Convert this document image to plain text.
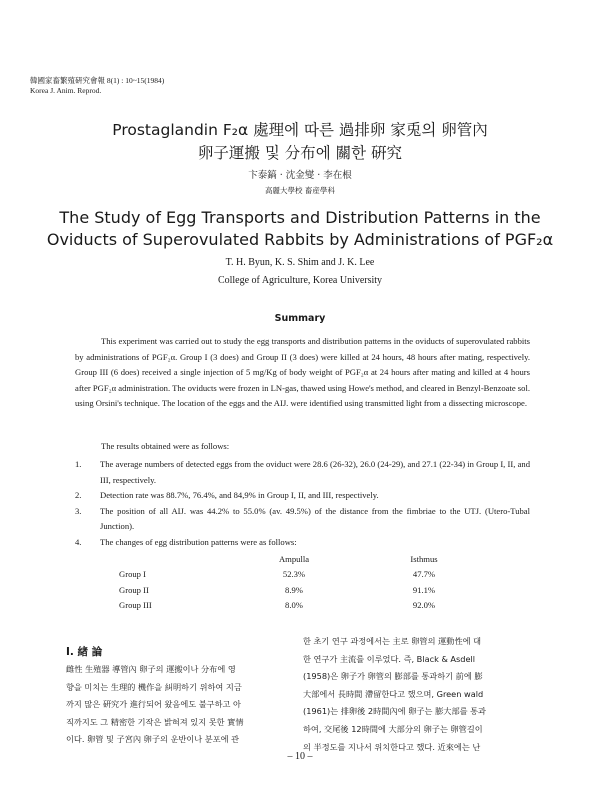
韓國家畜繁殖硏究會報 8(1) : 10~15(1984)
Korea J. Anim. Reprod.
Prostaglandin F₂α 處理에 따른 過排卵 家兎의 卵管內
卵子運搬 및 分布에 關한 硏究
卞泰鎬 · 沈金燮 · 李在根
高麗大學校 畜産學科
The Study of Egg Transports and Distribution Patterns in the
Oviducts of Superovulated Rabbits by Administrations of PGF₂α
T. H. Byun, K. S. Shim and J. K. Lee
College of Agriculture, Korea University
Summary

This experiment was carried out to study the egg transports and distribution patterns in the oviducts of superovulated rabbits by administrations of PGF₂α. Group I (3 does) and Group II (3 does) were killed at 24 hours, 48 hours after mating, respectively. Group III (6 does) received a single injection of 5 mg/Kg of body weight of PGF₂α at 24 hours after mating and killed at 4 hours after PGF₂α administration. The oviducts were frozen in LN-gas, thawed using Howe's method, and cleared in Benzyl-Benzoate sol. using Orsini's technique. The location of the eggs and the AIJ. were identified using transmitted light from a dissecting microscope.

The results obtained were as follows:
1.	The average numbers of detected eggs from the oviduct were 28.6 (26-32), 26.0 (24-29), and 27.1 (22-34) in Group I, II, and III, respectively.
2.	Detection rate was 88.7%, 76.4%, and 84,9% in Group I, II, and III, respectively.
3.	The position of all AIJ. was 44.2% to 55.0% (av. 49.5%) of the distance from the fimbriae to the UTJ. (Utero-Tubal Junction).
4.	The changes of egg distribution patterns were as follows:
	Ampulla	Isthmus
Group I	52.3%	47.7%
Group II	8.9%	91.1%
Group III	8.0%	92.0%
I. 緖 論
雌性 生殖器 導管內 卵子의 運搬이나 分布에 영
향을 미치는 生理的 機作을 糾明하기 위하여 지금
까지 많은 硏究가 進行되어 왔음에도 불구하고 아
직까지도 그 精密한 기작은 밝혀져 있지 못한 實情
이다. 卵管 및 子宮內 卵子의 운반이나 분포에 관
한 초기 연구 과정에서는 主로 卵管의 運動性에 대
한 연구가 主流를 이루었다. 즉, Black & Asdell
(1958)은 卵子가 卵管의 膨部를 통과하기 前에 膨
大部에서 長時間 滯留한다고 했으며, Green wald
(1961)는 排卵後 2時間內에 卵子는 膨大部를 통과
하여, 交尾後 12時間에 大部分의 卵子는 卵管길이
의 半정도를 지나서 위치한다고 했다. 近來에는 난
– 10 –
